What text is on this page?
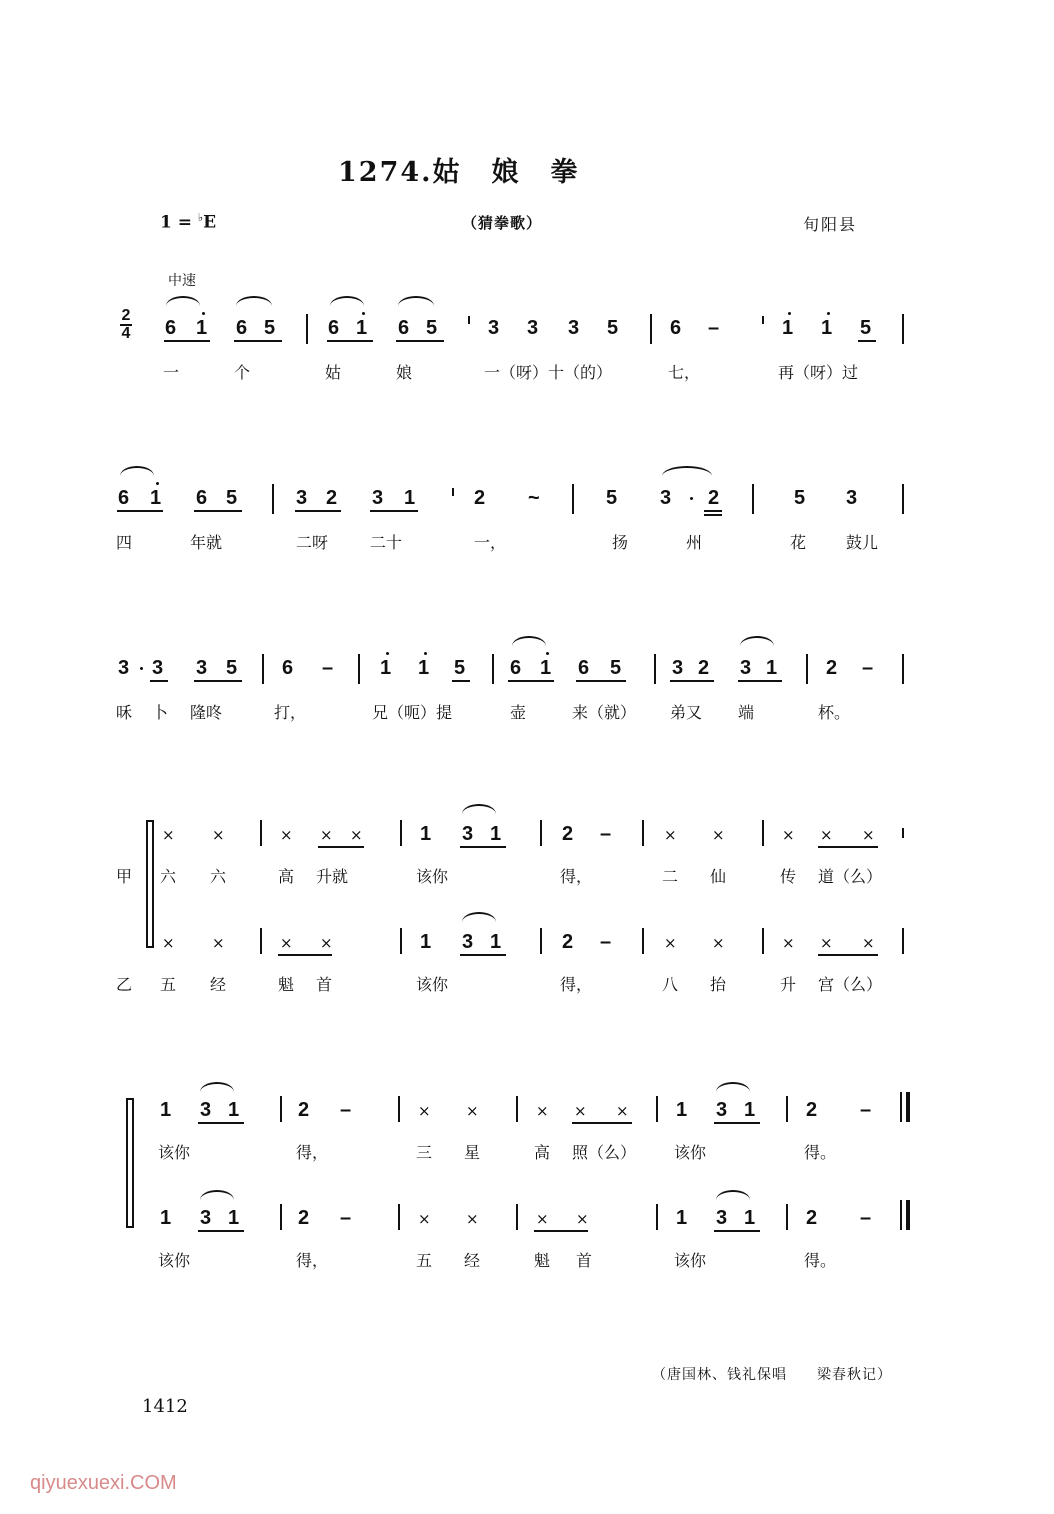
1274.姑 娘 拳
1 = ♭E	（猜拳歌）	旬阳县
中速
2
4 6 1 6 5	6 1 6 5	3 3 3 5	6 –	1 1 5
一	个	姑	娘	一（呀）十（的）	七，	再（呀）过
6 1 6 5	3 2 3 1	2 ~	5 3 2	5 3
四	年就	二呀	二十	一，	扬	州	花 鼓儿
3 3 3 5 6 – 1 1 5 6 1 6 5	3 2 3 1 2 –
咊 卜 隆咚	打，	兄（呃）提	壶	来（就） 弟又 端	杯。
甲
乙
× ×	× × ×	1 3 1	2 –	× ×	× × ×
六 六	高 升就	该你	得，	二 仙	传 道（么）
× ×	× ×	1 3 1	2 –	× ×	× × ×
五 经	魁 首	该你	得，	八 抬	升 宫（么）
1 3 1	2 –	× ×	× × × 1 3 1	2 –
该你	得，	三 星	高 照（么） 该你	得。
1 3 1	2 –	× ×	× ×	1 3 1	2 –
该你	得，	五 经	魁 首	该你	得。
（唐国林、钱礼保唱　　梁春秋记）
1412
qiyuexuexi.COM
